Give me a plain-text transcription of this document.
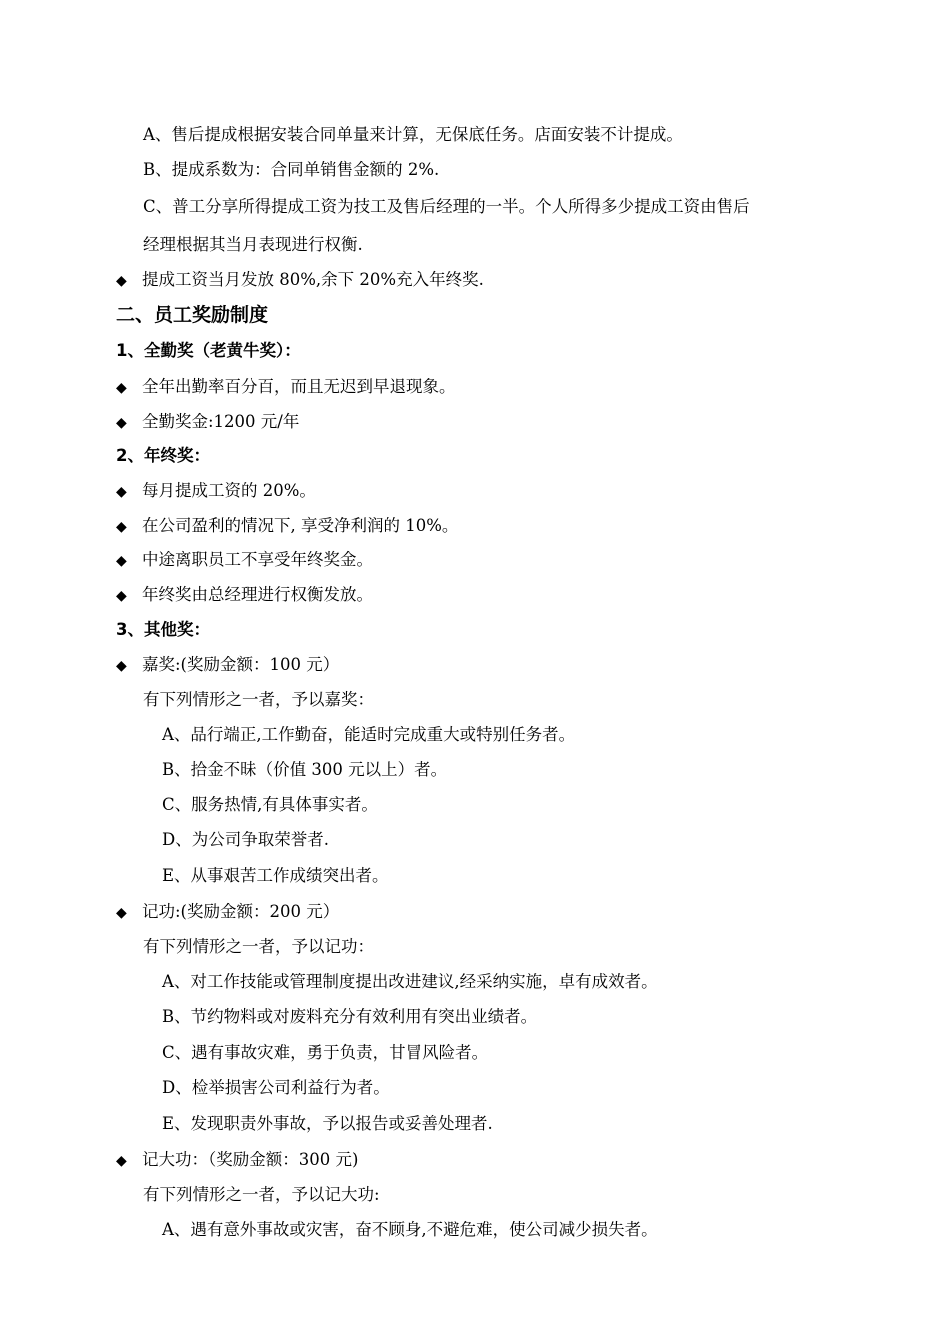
A、售后提成根据安装合同单量来计算，无保底任务。店面安装不计提成。
B、提成系数为：合同单销售金额的 2%.
C、普工分享所得提成工资为技工及售后经理的一半。个人所得多少提成工资由售后
经理根据其当月表现进行权衡.
◆ 提成工资当月发放 80%,余下 20%充入年终奖.
二、员工奖励制度
1、全勤奖（老黄牛奖）：
◆ 全年出勤率百分百，而且无迟到早退现象。
◆ 全勤奖金:1200 元/年
2、年终奖：
◆ 每月提成工资的 20%。
◆ 在公司盈利的情况下, 享受净利润的 10%。
◆ 中途离职员工不享受年终奖金。
◆ 年终奖由总经理进行权衡发放。
3、其他奖：
◆ 嘉奖:(奖励金额：100 元）
有下列情形之一者，予以嘉奖：
A、品行端正,工作勤奋，能适时完成重大或特别任务者。
B、拾金不昧（价值 300 元以上）者。
C、服务热情,有具体事实者。
D、为公司争取荣誉者.
E、从事艰苦工作成绩突出者。
◆ 记功:(奖励金额：200 元）
有下列情形之一者，予以记功：
A、对工作技能或管理制度提出改进建议,经采纳实施，卓有成效者。
B、节约物料或对废料充分有效利用有突出业绩者。
C、遇有事故灾难，勇于负责，甘冒风险者。
D、检举损害公司利益行为者。
E、发现职责外事故，予以报告或妥善处理者.
◆ 记大功：（奖励金额：300 元)
有下列情形之一者，予以记大功:
A、遇有意外事故或灾害，奋不顾身,不避危难，使公司减少损失者。
